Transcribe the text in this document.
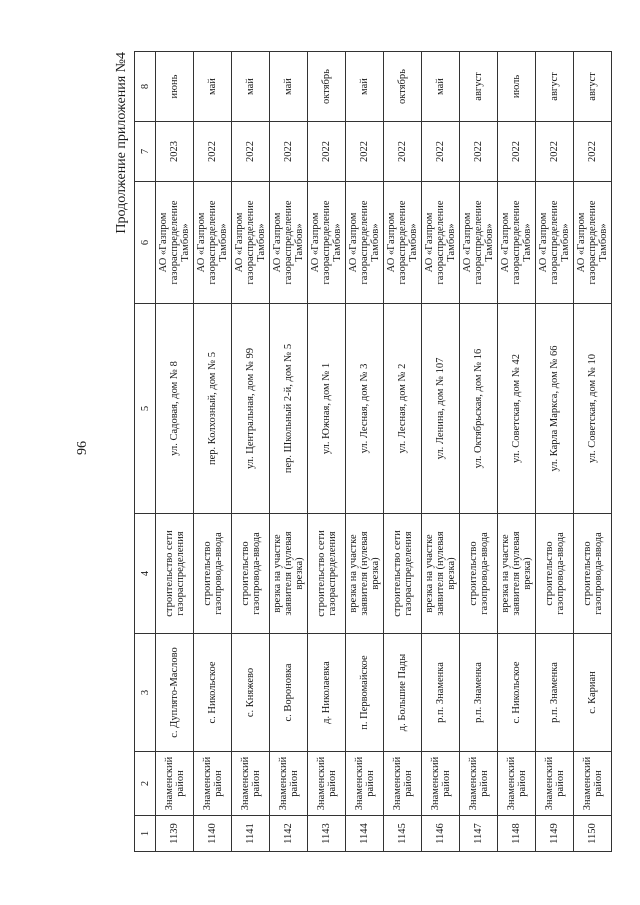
96
Продолжение приложения №4
1	2	3	4	5	6	7	8
1139	Знаменский район	с. Дуплято-Маслово	строительство сети газораспределения	ул. Садовая, дом № 8	АО «Газпром газораспределение Тамбов»	2023	июнь
1140	Знаменский район	с. Никольское	строительство газопровода-ввода	пер. Колхозный, дом № 5	АО «Газпром газораспределение Тамбов»	2022	май
1141	Знаменский район	с. Княжево	строительство газопровода-ввода	ул. Центральная, дом № 99	АО «Газпром газораспределение Тамбов»	2022	май
1142	Знаменский район	с. Вороновка	врезка на участке заявителя (нулевая врезка)	пер. Школьный 2-й, дом № 5	АО «Газпром газораспределение Тамбов»	2022	май
1143	Знаменский район	д. Николаевка	строительство сети газораспределения	ул. Южная, дом № 1	АО «Газпром газораспределение Тамбов»	2022	октябрь
1144	Знаменский район	п. Первомайское	врезка на участке заявителя (нулевая врезка)	ул. Лесная, дом № 3	АО «Газпром газораспределение Тамбов»	2022	май
1145	Знаменский район	д. Большие Пады	строительство сети газораспределения	ул. Лесная, дом № 2	АО «Газпром газораспределение Тамбов»	2022	октябрь
1146	Знаменский район	р.п. Знаменка	врезка на участке заявителя (нулевая врезка)	ул. Ленина, дом № 107	АО «Газпром газораспределение Тамбов»	2022	май
1147	Знаменский район	р.п. Знаменка	строительство газопровода-ввода	ул. Октябрьская, дом № 16	АО «Газпром газораспределение Тамбов»	2022	август
1148	Знаменский район	с. Никольское	врезка на участке заявителя (нулевая врезка)	ул. Советская, дом № 42	АО «Газпром газораспределение Тамбов»	2022	июль
1149	Знаменский район	р.п. Знаменка	строительство газопровода-ввода	ул. Карла Маркса, дом № 66	АО «Газпром газораспределение Тамбов»	2022	август
1150	Знаменский район	с. Кариан	строительство газопровода-ввода	ул. Советская, дом № 10	АО «Газпром газораспределение Тамбов»	2022	август
